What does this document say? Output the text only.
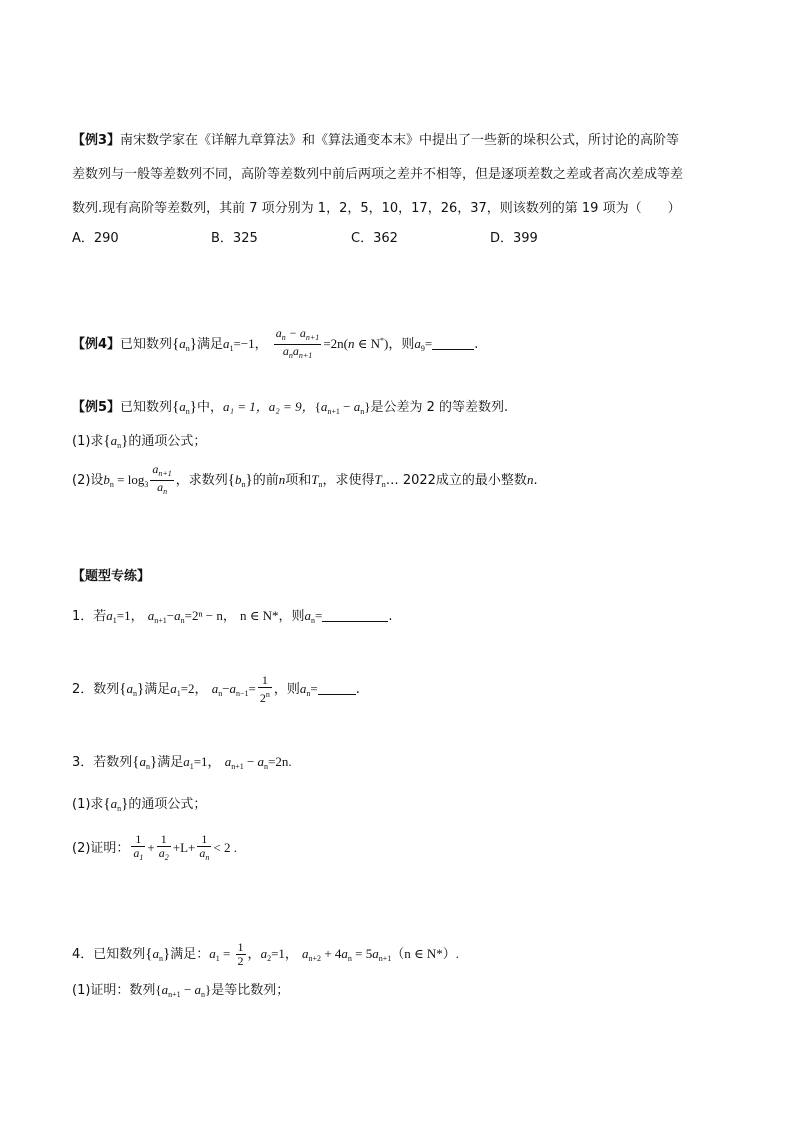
【例3】南宋数学家在《详解九章算法》和《算法通变本末》中提出了一些新的垛积公式，所讨论的高阶等
差数列与一般等差数列不同，高阶等差数列中前后两项之差并不相等，但是逐项差数之差或者高次差成等差
数列.现有高阶等差数列，其前 7 项分别为 1，2，5，10，17，26，37，则该数列的第 19 项为（　　）
A．290	B．325	C．362	D．399
【例4】已知数列$\{a_n\}$满足$a_1=-1$， $\frac{a_n - a_{n+1}}{a_na_{n+1}} =2n(n$ ∈ N*)，则$a_9=$	.
【例5】已知数列$\{a_n\}$中，a₁ = 1，a₂ = 9，$\{a_{n+1} - a_n\}$是公差为 2 的等差数列.
(1)求$\{a_n\}$的通项公式；
(2)设$b_n = \log_3 \frac{a_{n+1}}{a_n}$ ，求数列$\{b_n\}$的前n项和$T_n$，求使得$T_n\dots$ 2022成立的最小整数n.
【题型专练】
1．若$a_1=1$， $a_{n+1}-a_n=2^n - n$， n ∈ N*，则$a_n=$	.
2．数列$\{a_n\}$满足$a_1=2$， $a_n-a_{n-1}= \frac{1}{2^n}$ ，则$a_n=$	.
3．若数列$\{a_n\}$满足$a_1=1$， $a_{n+1} - a_n=2n$.
(1)求$\{a_n\}$的通项公式；
(2)证明： $\frac{1}{a_1} + \frac{1}{a_2} +L+ \frac{1}{a_n} < 2$ .
4．已知数列$\{a_n\}$满足：$a_1 = \frac{1}{2}$ ，$a_2=1$， $a_{n+2} + 4a_n = 5a_{n+1}(n$ ∈ N*）.
(1)证明：数列$\{a_{n+1} - a_n\}$是等比数列；
